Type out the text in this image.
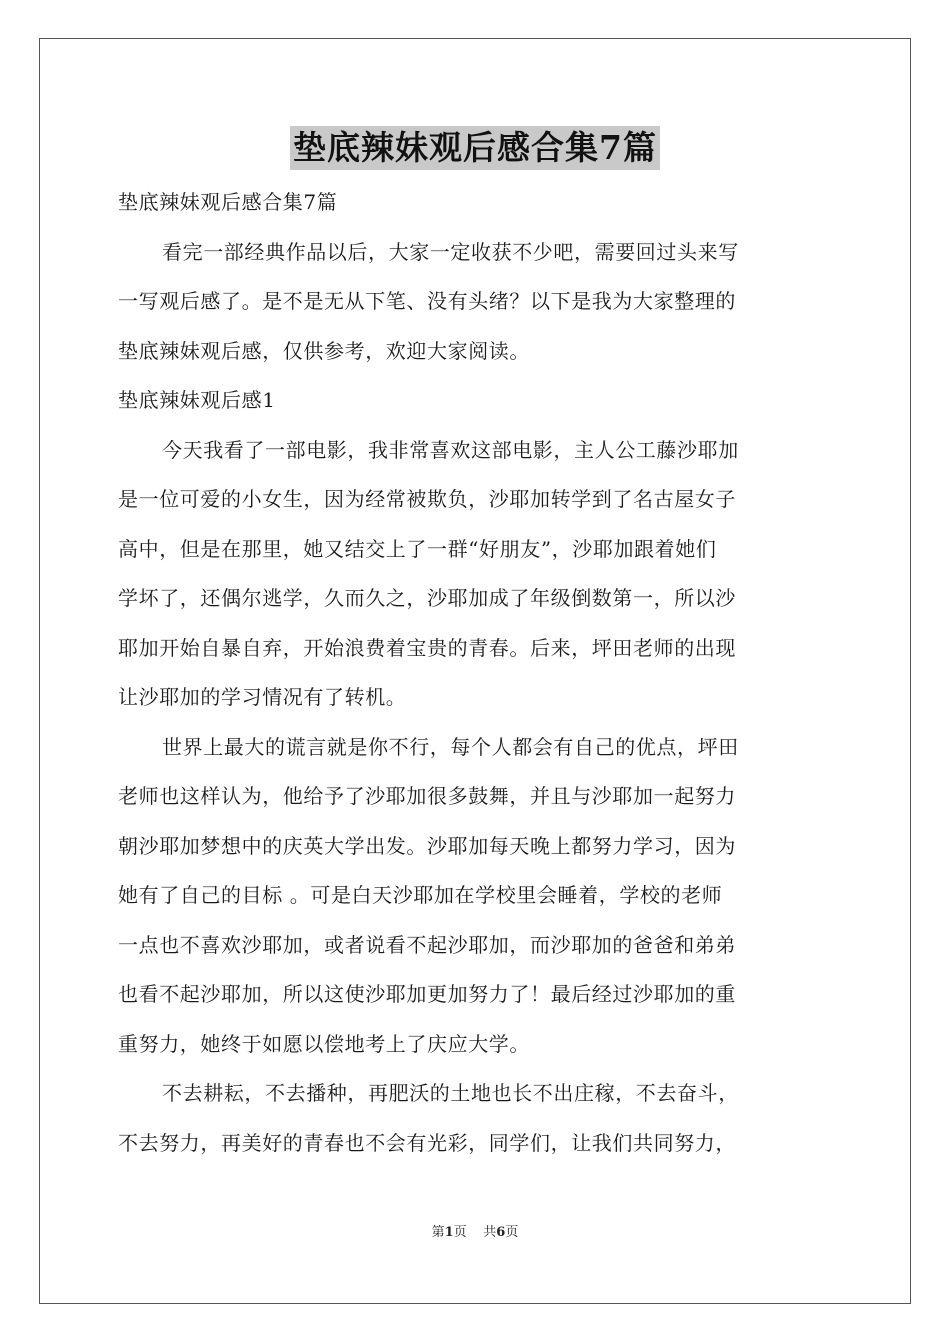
垫底辣妹观后感合集7篇
垫底辣妹观后感合集7篇
看完一部经典作品以后，大家一定收获不少吧，需要回过头来写
一写观后感了。是不是无从下笔、没有头绪？以下是我为大家整理的
垫底辣妹观后感，仅供参考，欢迎大家阅读。
垫底辣妹观后感1
今天我看了一部电影，我非常喜欢这部电影，主人公工藤沙耶加
是一位可爱的小女生，因为经常被欺负，沙耶加转学到了名古屋女子
高中，但是在那里，她又结交上了一群“好朋友”，沙耶加跟着她们
学坏了，还偶尔逃学，久而久之，沙耶加成了年级倒数第一，所以沙
耶加开始自暴自弃，开始浪费着宝贵的青春。后来，坪田老师的出现
让沙耶加的学习情况有了转机。
世界上最大的谎言就是你不行，每个人都会有自己的优点，坪田
老师也这样认为，他给予了沙耶加很多鼓舞，并且与沙耶加一起努力
朝沙耶加梦想中的庆英大学出发。沙耶加每天晚上都努力学习，因为
她有了自己的目标 。可是白天沙耶加在学校里会睡着，学校的老师
一点也不喜欢沙耶加，或者说看不起沙耶加，而沙耶加的爸爸和弟弟
也看不起沙耶加，所以这使沙耶加更加努力了！最后经过沙耶加的重
重努力，她终于如愿以偿地考上了庆应大学。
不去耕耘，不去播种，再肥沃的土地也长不出庄稼，不去奋斗，
不去努力，再美好的青春也不会有光彩，同学们，让我们共同努力，
第1页 共6页
